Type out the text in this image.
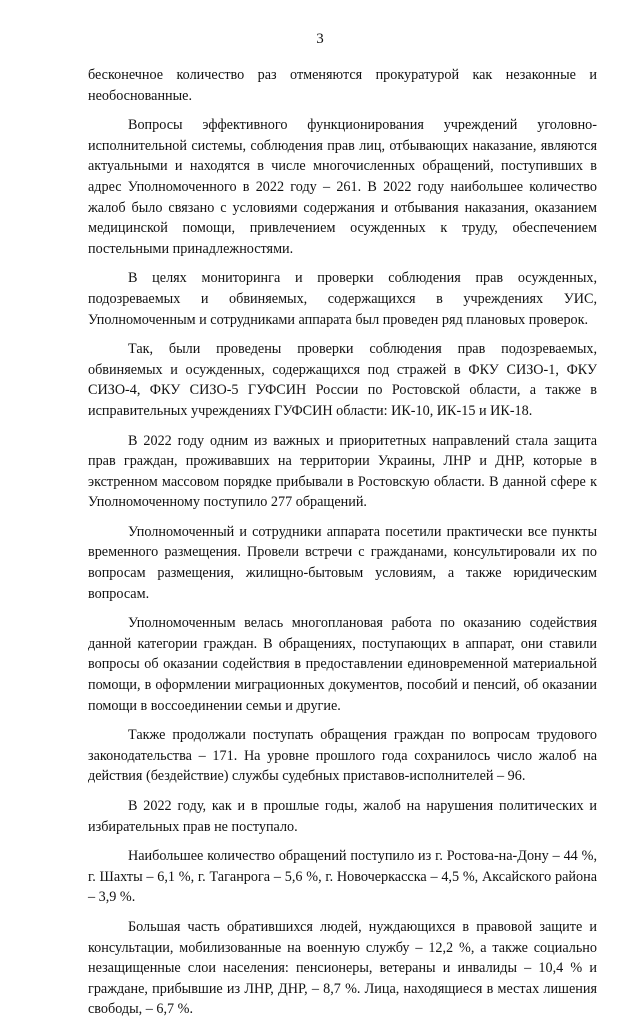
3

бесконечное количество раз отменяются прокуратурой как незаконные и необоснованные.

Вопросы эффективного функционирования учреждений уголовно-исполнительной системы, соблюдения прав лиц, отбывающих наказание, являются актуальными и находятся в числе многочисленных обращений, поступивших в адрес Уполномоченного в 2022 году – 261. В 2022 году наибольшее количество жалоб было связано с условиями содержания и отбывания наказания, оказанием медицинской помощи, привлечением осужденных к труду, обеспечением постельными принадлежностями.

В целях мониторинга и проверки соблюдения прав осужденных, подозреваемых и обвиняемых, содержащихся в учреждениях УИС, Уполномоченным и сотрудниками аппарата был проведен ряд плановых проверок.

Так, были проведены проверки соблюдения прав подозреваемых, обвиняемых и осужденных, содержащихся под стражей в ФКУ СИЗО-1, ФКУ СИЗО-4, ФКУ СИЗО-5 ГУФСИН России по Ростовской области, а также в исправительных учреждениях ГУФСИН области: ИК-10, ИК-15 и ИК-18.

В 2022 году одним из важных и приоритетных направлений стала защита прав граждан, проживавших на территории Украины, ЛНР и ДНР, которые в экстренном массовом порядке прибывали в Ростовскую области. В данной сфере к Уполномоченному поступило 277 обращений.

Уполномоченный и сотрудники аппарата посетили практически все пункты временного размещения. Провели встречи с гражданами, консультировали их по вопросам размещения, жилищно-бытовым условиям, а также юридическим вопросам.

Уполномоченным велась многоплановая работа по оказанию содействия данной категории граждан. В обращениях, поступающих в аппарат, они ставили вопросы об оказании содействия в предоставлении единовременной материальной помощи, в оформлении миграционных документов, пособий и пенсий, об оказании помощи в воссоединении семьи и другие.

Также продолжали поступать обращения граждан по вопросам трудового законодательства – 171. На уровне прошлого года сохранилось число жалоб на действия (бездействие) службы судебных приставов-исполнителей – 96.

В 2022 году, как и в прошлые годы, жалоб на нарушения политических и избирательных прав не поступало.

Наибольшее количество обращений поступило из г. Ростова-на-Дону – 44 %, г. Шахты – 6,1 %, г. Таганрога – 5,6 %, г. Новочеркасска – 4,5 %, Аксайского района – 3,9 %.

Большая часть обратившихся людей, нуждающихся в правовой защите и консультации, мобилизованные на военную службу – 12,2 %, а также социально незащищенные слои населения: пенсионеры, ветераны и инвалиды – 10,4 % и граждане, прибывшие из ЛНР, ДНР, – 8,7 %. Лица, находящиеся в местах лишения свободы, – 6,7 %.
